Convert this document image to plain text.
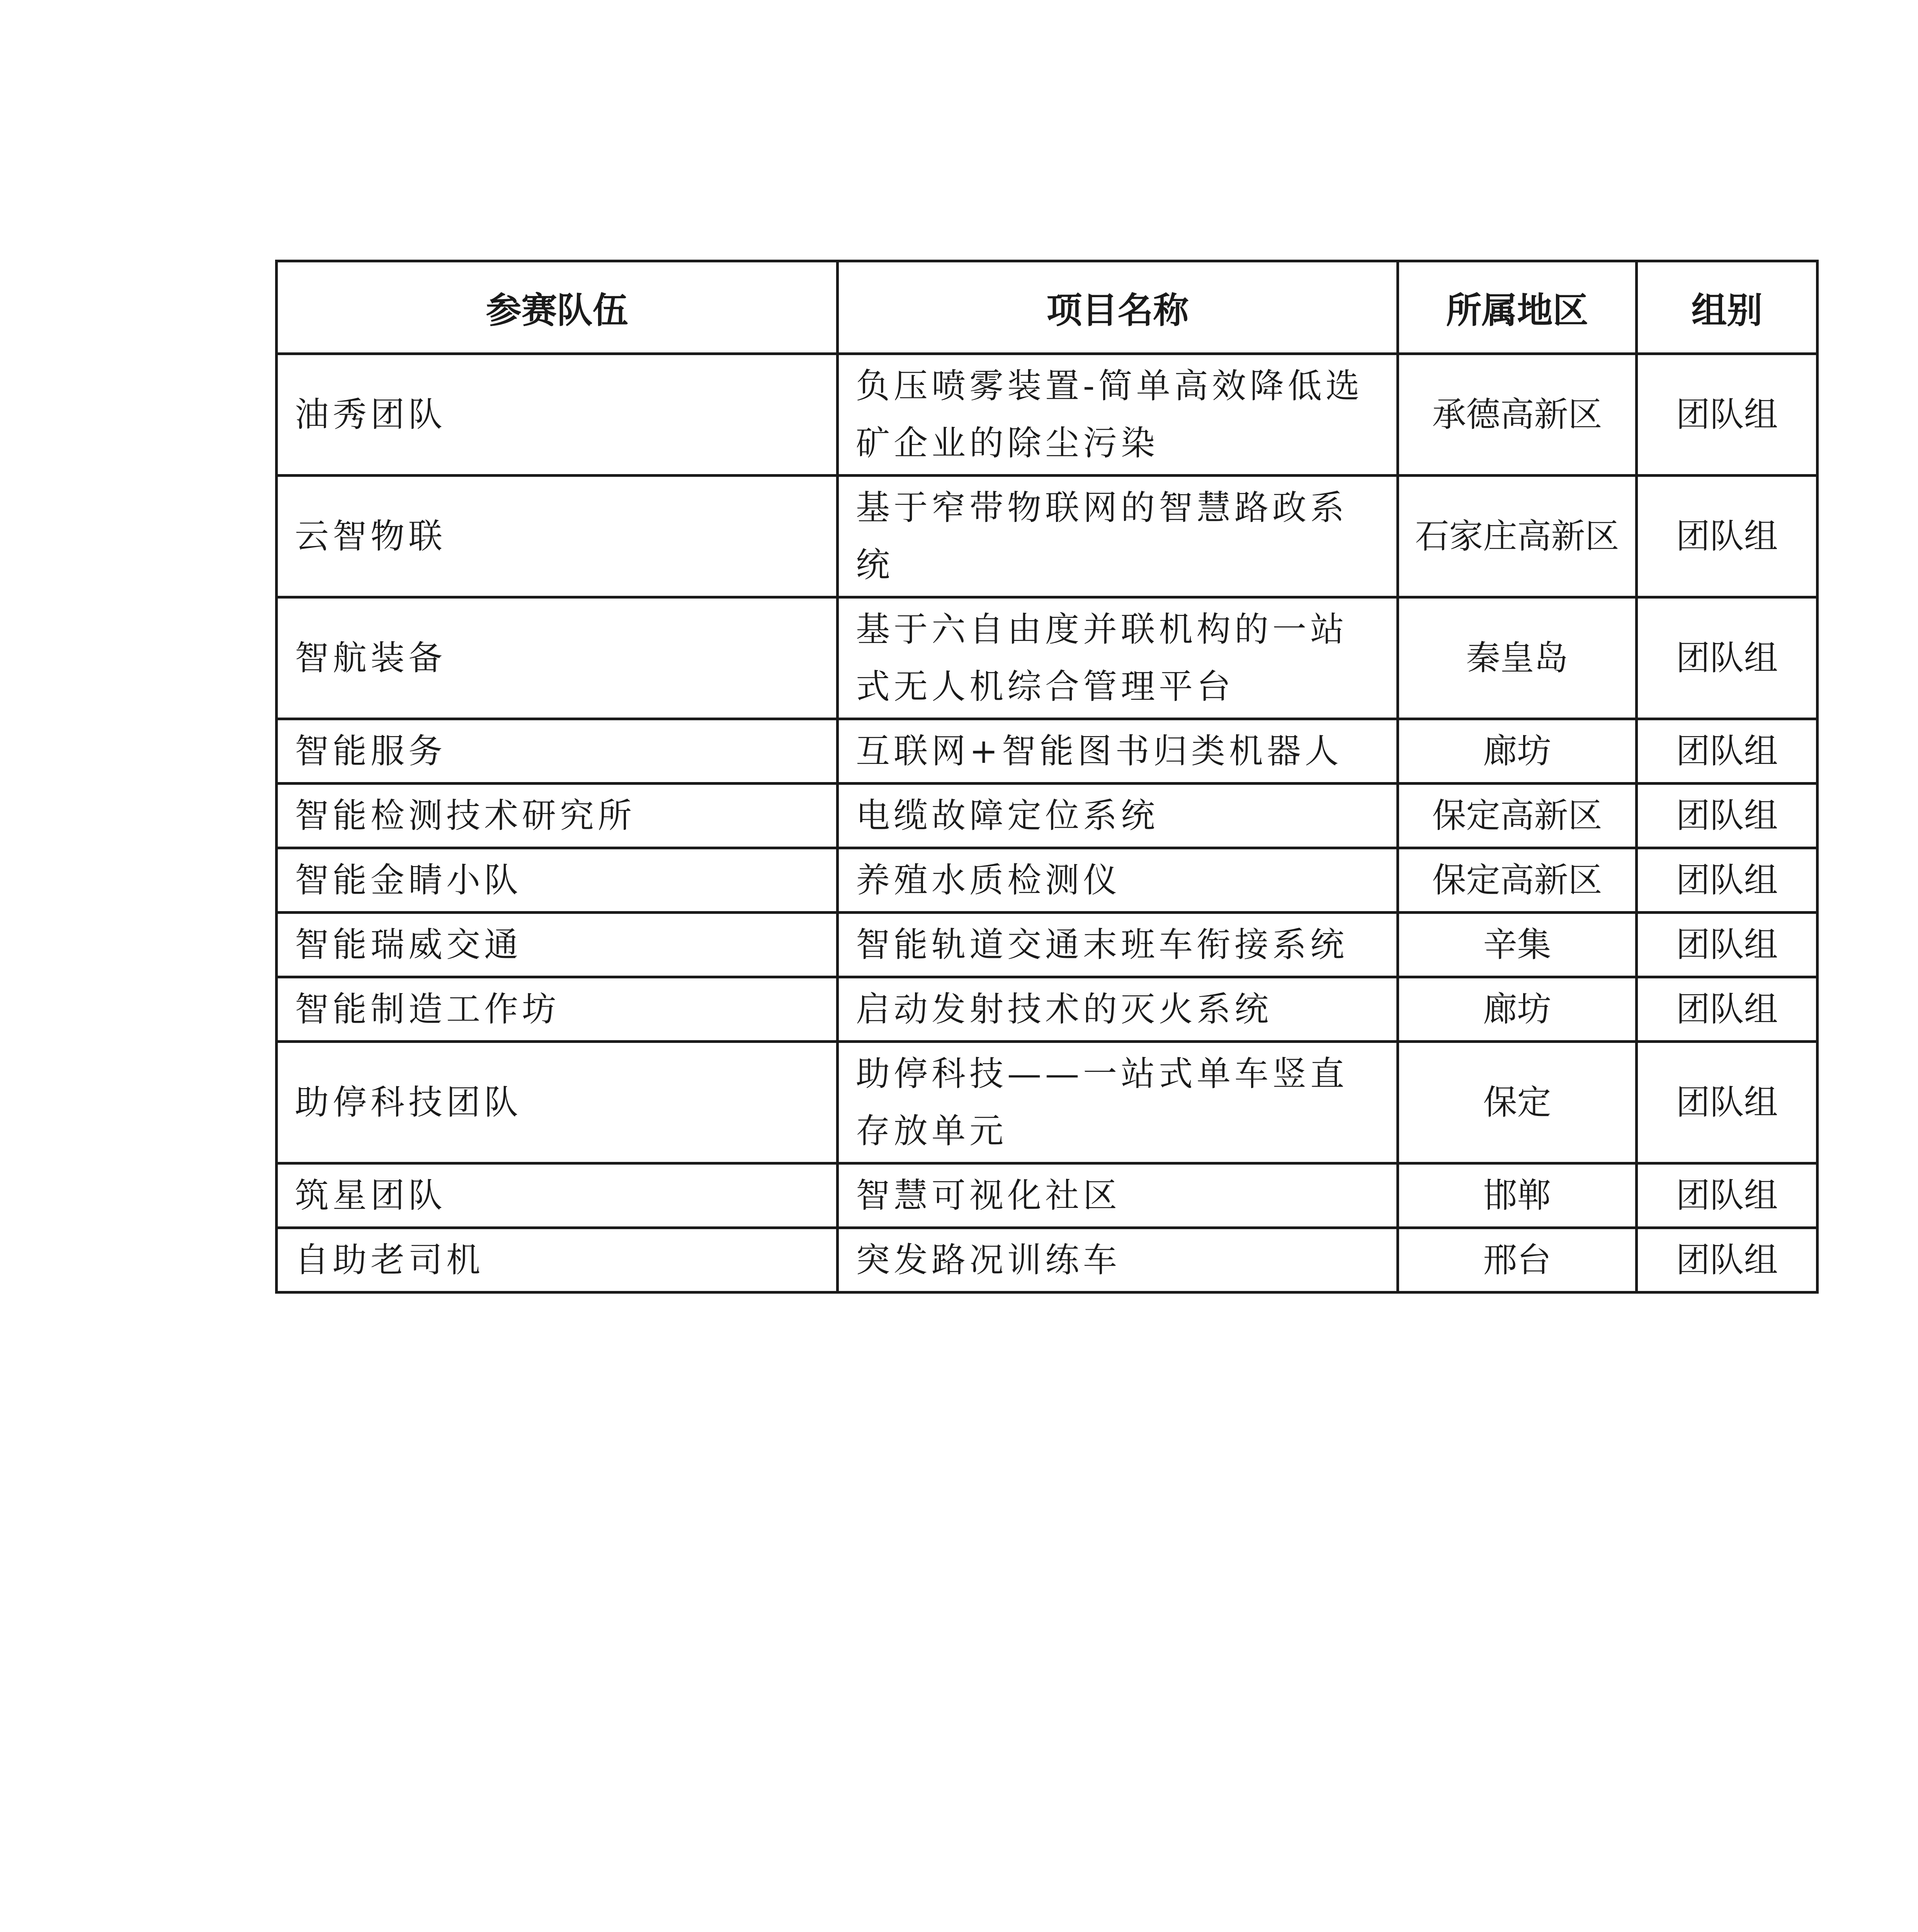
参赛队伍	项目名称	所属地区	组别
油秀团队	负压喷雾装置-简单高效降低选矿企业的除尘污染	承德高新区	团队组
云智物联	基于窄带物联网的智慧路政系统	石家庄高新区	团队组
智航装备	基于六自由度并联机构的一站式无人机综合管理平台	秦皇岛	团队组
智能服务	互联网+智能图书归类机器人	廊坊	团队组
智能检测技术研究所	电缆故障定位系统	保定高新区	团队组
智能金睛小队	养殖水质检测仪	保定高新区	团队组
智能瑞威交通	智能轨道交通末班车衔接系统	辛集	团队组
智能制造工作坊	启动发射技术的灭火系统	廊坊	团队组
助停科技团队	助停科技——一站式单车竖直存放单元	保定	团队组
筑星团队	智慧可视化社区	邯郸	团队组
自助老司机	突发路况训练车	邢台	团队组
